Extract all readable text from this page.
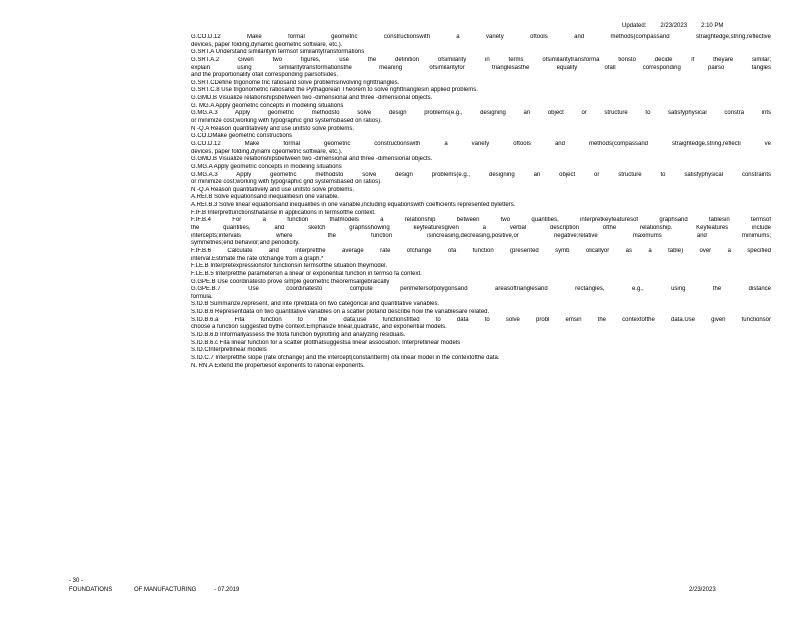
Updated: 2/23/2023 2:10 PM
G.CO.D.12 Make formal geometric constructionswith a variety oftools and methods(compassand straightedge,string,reflective
devices, paper folding,dynamic geometric software, etc.).
G.SRT.A Understand similarityin termsof similaritytransformations
G.SRT.A.2 Given two figures, use the definition ofsimilarity in terms ofsimilaritytransforma tionsto decide if theyare similar;
explain using similaritytransformationsthe meaning ofsimilarityfor trianglesasthe equality ofall corresponding pairso fangles
and the proportionality ofall corresponding pairsofsides.
G.SRT.CDefine trigonome tric ratiosand solve problemsinvolving righttriangles.
G.SRT.C.8 Use trigonometric ratiosand the Pythagorean Theorem to solve righttrianglesin applied problems.
G.GMD.B Visualize relationshipsbetween two -dimensional and three -dimensional objects.
G. MG.A Apply geometric concepts in modeling situations
G.MG.A.3 Apply geometric methodsto solve design problems(e.g., designing an object or structure to satisfyphysical constra ints
or minimize cost;working with typographic grid systemsbased on ratios).
N -Q.A Reason quantitatively and use unitsto solve problems.
G.CO.DMake geometric constructions
G.CO.D.12 Make formal geometric constructionswith a variety oftools and methods(compassand straightedge,string,reflecti ve
devices, paper folding,dynami cgeometric software, etc.).
G.GMD.B Visualize relationshipsbetween two -dimensional and three -dimensional objects.
G.MG.A Apply geometric concepts in modeling situations
G.MG.A.3 Apply geometric methodsto solve design problems(e.g., designing an object or structure to satisfyphysical constraints
or minimize cost;working with typographic grid systemsbased on ratios).
N -Q.A Reason quantitatively and use unitsto solve problems.
A.REI.B Solve equationsand inequalitiesin one variable.
A.REI.B.3 Solve linear equationsand inequalities in one variable,including equationswith coefficients represented byletters.
F.IF.B Interpretfunctionsthatarise in applications in termsofthe context.
F.IF.B.4 For a function thatmodels a relationship between two quantities, interpretkeyfeaturesof graphsand tablesin termsof
the quantities, and sketch graphsshowing keyfeaturesgiven a verbal description ofthe relationship. Keyfeatures include
intercepts;intervals where the function isincreasing,decreasing,positive,or negative;relative maximums and minimums;
symmetries;end behavior;and periodicity.
F.IF.B.6 Calculate and interpretthe average rate ofchange ofa function (presented symb olicallyor as a table) over a specified
interval.Estimate the rate ofchange from a graph.*
F.LE.B Interpretexpressionsfor functionsin termsofthe situation theymodel.
F.LE.B.5 Interpretthe parametersin a linear or exponential function in termso fa context.
G.GPE.B Use coordinatesto prove simple geometric theoremsalgebraically
G.GPE.B.7 Use coordinatesto compute perimetersofpolygonsand areasoftrianglesand rectangles, e.g., using the distance
formula.
S.ID.B Summarize,represent, and inte rpretdata on two categorical and quantitative variables.
S.ID.B.6 Representdata on two quantitative variables on a scatter plotand describe how the variablesare related.
S.ID.B.6.a Fita function to the data;use functionsfitted to data to solve probl emsin the contextofthe data.Use given functionsor
choose a function suggested bythe context.Emphasize linear,quadratic, and exponential models.
S.ID.B.6.b Informallyassess the fitofa function byplotting and analyzing residuals.
S.ID.B.6.c Fita linear function for a scatter plotthatsuggestsa linear association. Interpretlinear models
S.ID.CInterpretlinear models
S.ID.C.7 Interpretthe slope (rate ofchange) and the intercept(constantterm) ofa linear model in the contextofthe data.
N. RN.A Extend the propertiesof exponents to rational exponents.
- 30 -
FOUNDATIONS	OF MANUFACTURING	- 07.2019	2/23/2023
